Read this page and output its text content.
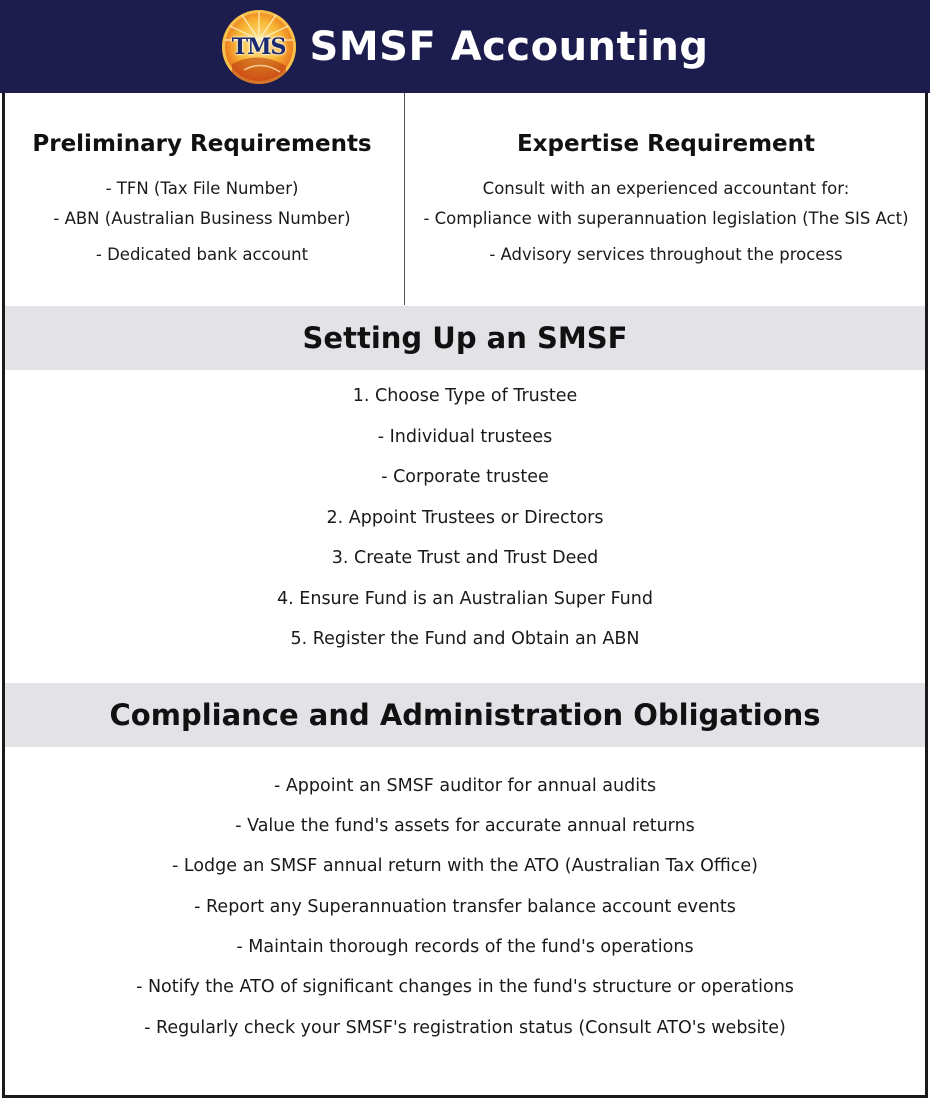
TMS SMSF Accounting
Preliminary Requirements
- TFN (Tax File Number)
- ABN (Australian Business Number)
- Dedicated bank account
Expertise Requirement
Consult with an experienced accountant for:
- Compliance with superannuation legislation (The SIS Act)
- Advisory services throughout the process
Setting Up an SMSF
1. Choose Type of Trustee
- Individual trustees
- Corporate trustee
2. Appoint Trustees or Directors
3. Create Trust and Trust Deed
4. Ensure Fund is an Australian Super Fund
5. Register the Fund and Obtain an ABN
Compliance and Administration Obligations
- Appoint an SMSF auditor for annual audits
- Value the fund's assets for accurate annual returns
- Lodge an SMSF annual return with the ATO (Australian Tax Office)
- Report any Superannuation transfer balance account events
- Maintain thorough records of the fund's operations
- Notify the ATO of significant changes in the fund's structure or operations
- Regularly check your SMSF's registration status (Consult ATO's website)
